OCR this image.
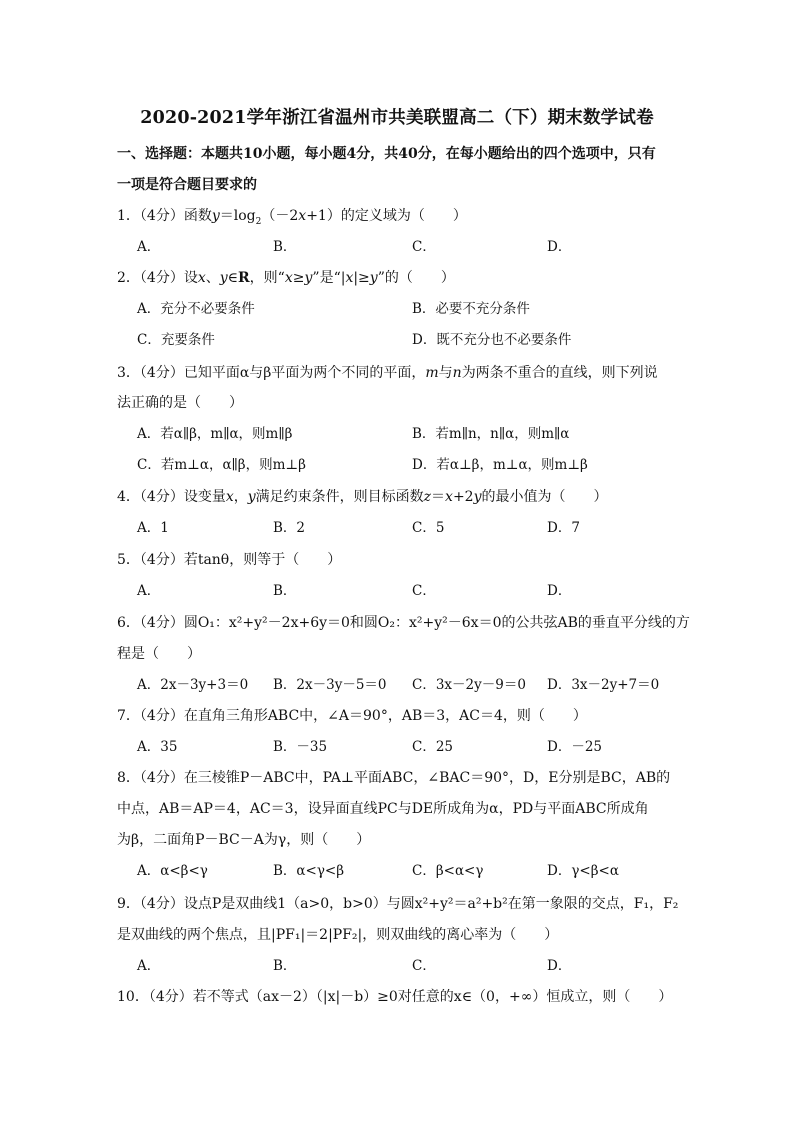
2020-2021学年浙江省温州市共美联盟高二（下）期末数学试卷
一、选择题：本题共10小题，每小题4分，共40分，在每小题给出的四个选项中，只有
一项是符合题目要求的
1．（4分）函数$y=\log_2(-2x+1)$的定义域为（　　）
A．	B．	C．	D．
2．（4分）设x、y∈R，则“x≥y”是“|x|≥y”的（　　）
A．充分不必要条件	B．必要不充分条件
C．充要条件	D．既不充分也不必要条件
3．（4分）已知平面α与β平面为两个不同的平面，m与n为两条不重合的直线，则下列说
法正确的是（　　）
A．若α∥β，m∥α，则m∥β	B．若m∥n，n∥α，则m∥α
C．若m⊥α，α∥β，则m⊥β	D．若α⊥β，m⊥α，则m⊥β
4．（4分）设变量x，y满足约束条件，则目标函数z＝x+2y的最小值为（　　）
A．1	B．2	C．5	D．7
5．（4分）若tanθ，则等于（　　）
A．	B．	C．	D．
6．（4分）圆O₁：x²+y²－2x+6y＝0和圆O₂：x²+y²－6x＝0的公共弦AB的垂直平分线的方
程是（　　）
A．2x－3y+3＝0 B．2x－3y－5＝0 C．3x－2y－9＝0 D．3x－2y+7＝0
7．（4分）在直角三角形ABC中，∠A＝90°，AB＝3，AC＝4，则（　　）
A．35	B．－35	C．25	D．－25
8．（4分）在三棱锥P－ABC中，PA⊥平面ABC，∠BAC＝90°，D，E分别是BC，AB的
中点，AB＝AP＝4，AC＝3，设异面直线PC与DE所成角为α，PD与平面ABC所成角
为β，二面角P－BC－A为γ，则（　　）
A．α<β<γ	B．α<γ<β	C．β<α<γ	D．γ<β<α
9．（4分）设点P是双曲线1（a>0，b>0）与圆x²+y²＝a²+b²在第一象限的交点，F₁，F₂
是双曲线的两个焦点，且|PF₁|＝2|PF₂|，则双曲线的离心率为（　　）
A．	B．	C．	D．
10．（4分）若不等式（ax－2）（|x|－b）≥0对任意的x∈（0，+∞）恒成立，则（　　）
